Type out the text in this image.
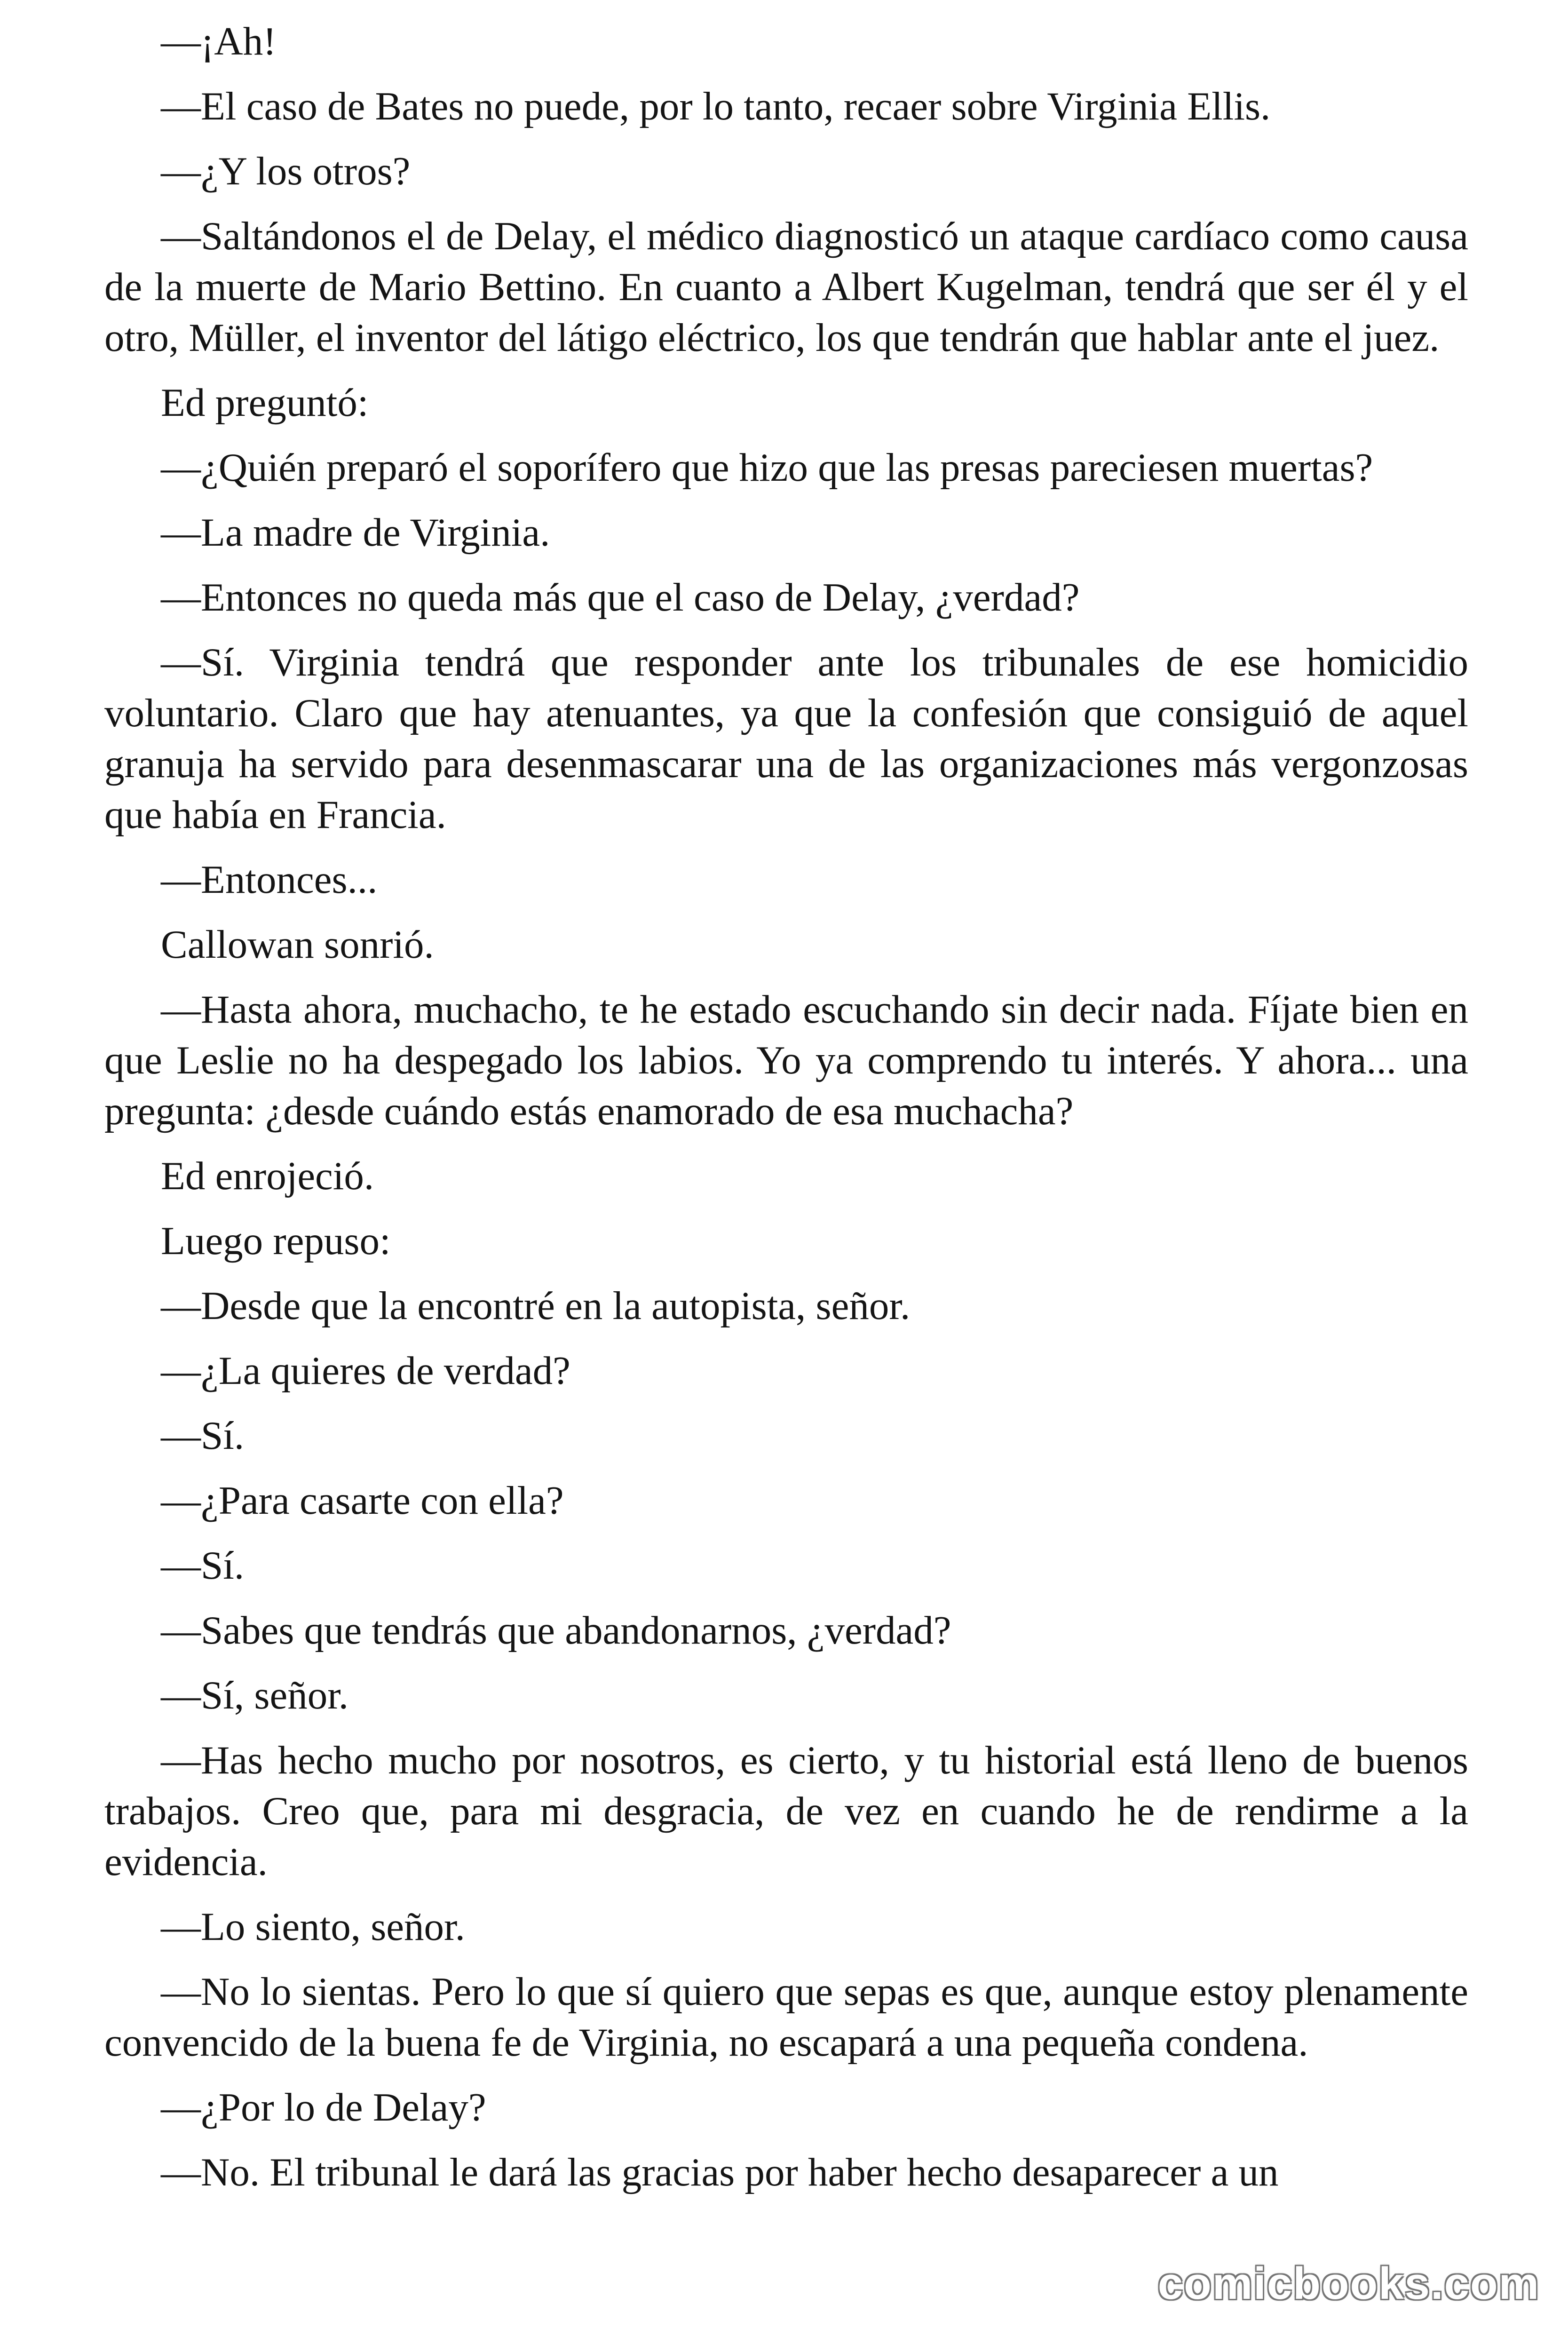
—¡Ah!

—El caso de Bates no puede, por lo tanto, recaer sobre Virginia Ellis.

—¿Y los otros?

—Saltándonos el de Delay, el médico diagnosticó un ataque cardíaco como causa de la muerte de Mario Bettino. En cuanto a Albert Kugelman, tendrá que ser él y el otro, Müller, el inventor del látigo eléctrico, los que tendrán que hablar ante el juez.

Ed preguntó:

—¿Quién preparó el soporífero que hizo que las presas pareciesen muertas?

—La madre de Virginia.

—Entonces no queda más que el caso de Delay, ¿verdad?

—Sí. Virginia tendrá que responder ante los tribunales de ese homicidio voluntario. Claro que hay atenuantes, ya que la confesión que consiguió de aquel granuja ha servido para desenmascarar una de las organizaciones más vergonzosas que había en Francia.

—Entonces...

Callowan sonrió.

—Hasta ahora, muchacho, te he estado escuchando sin decir nada. Fíjate bien en que Leslie no ha despegado los labios. Yo ya comprendo tu interés. Y ahora... una pregunta: ¿desde cuándo estás enamorado de esa muchacha?

Ed enrojeció.

Luego repuso:

—Desde que la encontré en la autopista, señor.

—¿La quieres de verdad?

—Sí.

—¿Para casarte con ella?

—Sí.

—Sabes que tendrás que abandonarnos, ¿verdad?

—Sí, señor.

—Has hecho mucho por nosotros, es cierto, y tu historial está lleno de buenos trabajos. Creo que, para mi desgracia, de vez en cuando he de rendirme a la evidencia.

—Lo siento, señor.

—No lo sientas. Pero lo que sí quiero que sepas es que, aunque estoy plenamente convencido de la buena fe de Virginia, no escapará a una pequeña condena.

—¿Por lo de Delay?

—No. El tribunal le dará las gracias por haber hecho desaparecer a un

comicbooks.com
